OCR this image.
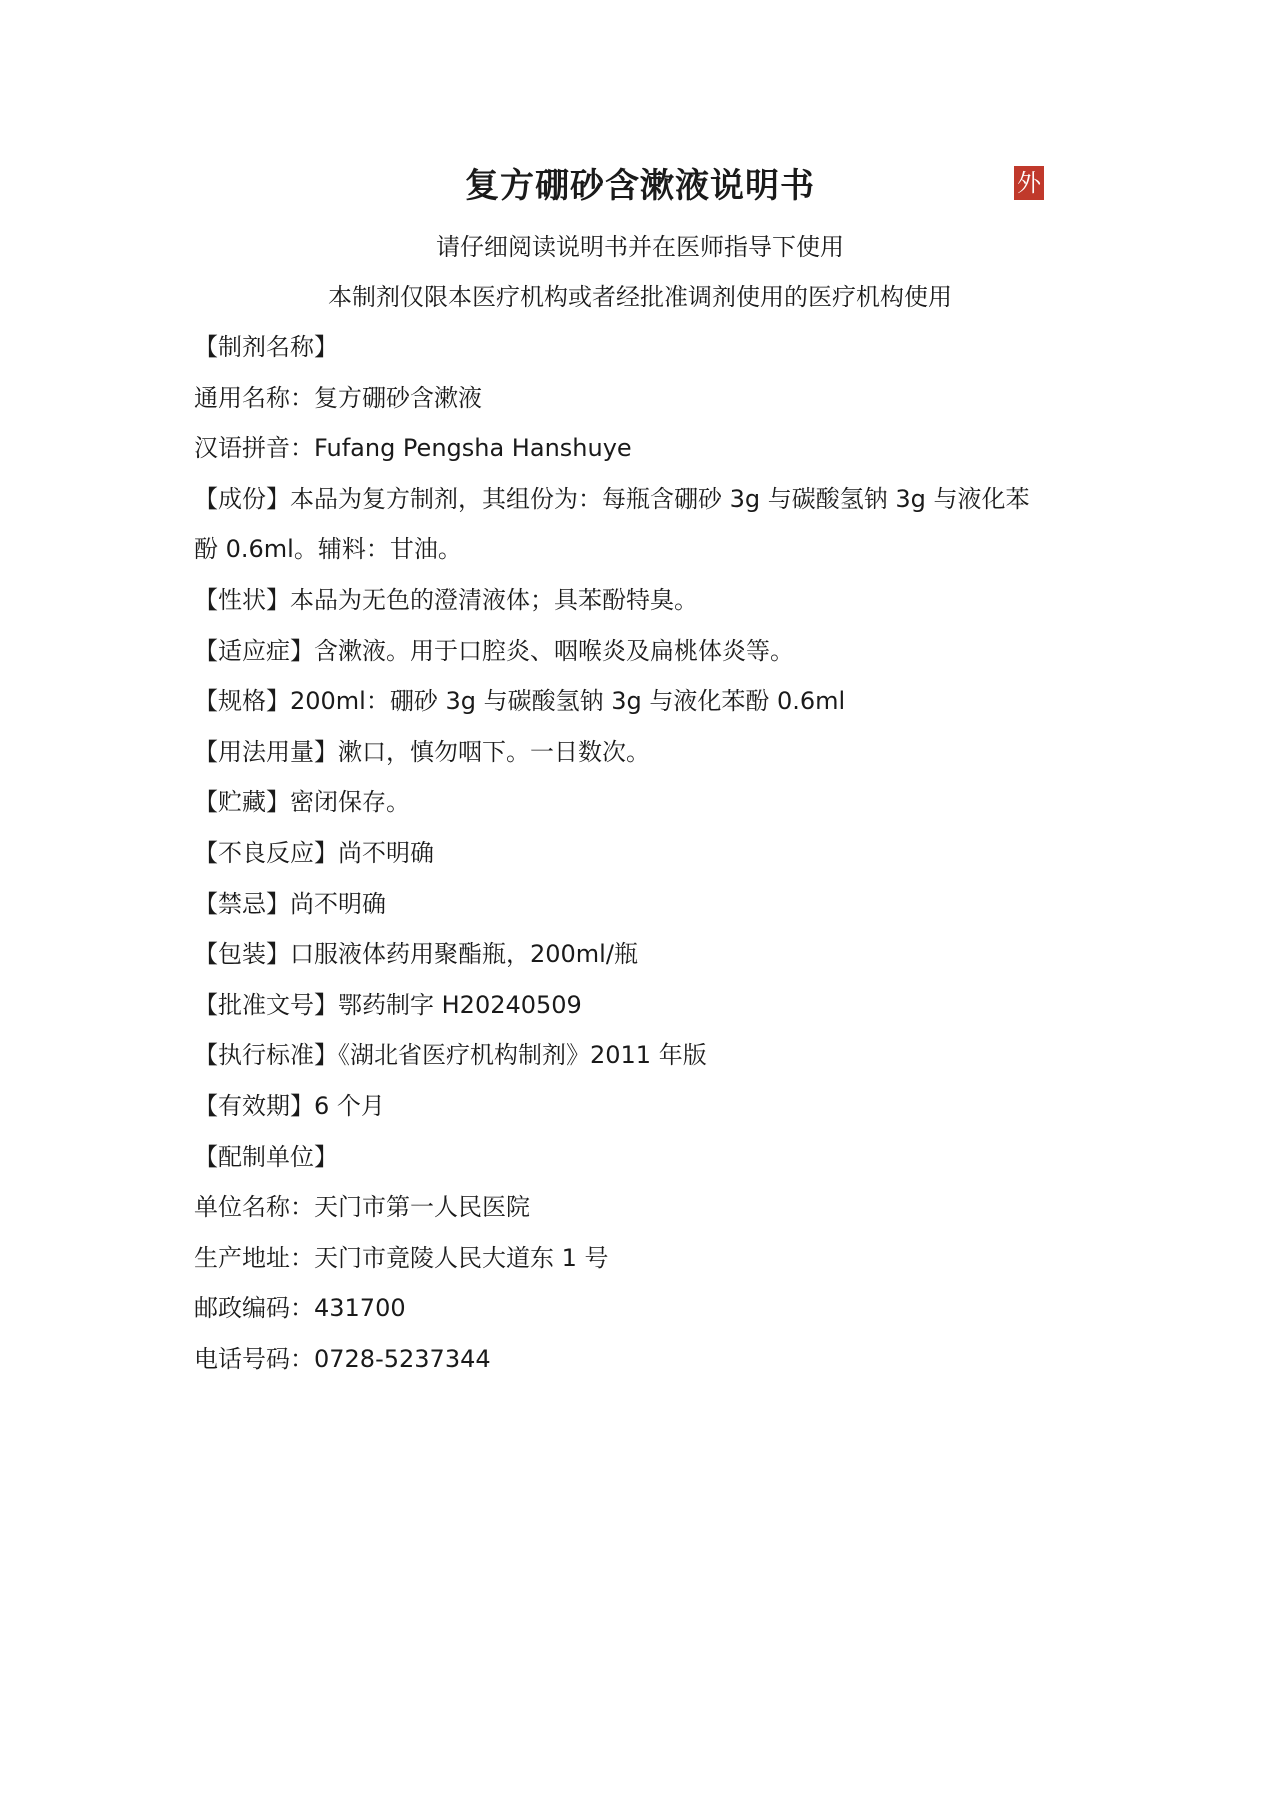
复方硼砂含漱液说明书	外
请仔细阅读说明书并在医师指导下使用
本制剂仅限本医疗机构或者经批准调剂使用的医疗机构使用
【制剂名称】
通用名称：复方硼砂含漱液
汉语拼音：Fufang Pengsha Hanshuye
【成份】本品为复方制剂，其组份为：每瓶含硼砂 3g 与碳酸氢钠 3g 与液化苯
酚 0.6ml。辅料：甘油。
【性状】本品为无色的澄清液体；具苯酚特臭。
【适应症】含漱液。用于口腔炎、咽喉炎及扁桃体炎等。
【规格】200ml：硼砂 3g 与碳酸氢钠 3g 与液化苯酚 0.6ml
【用法用量】漱口，慎勿咽下。一日数次。
【贮藏】密闭保存。
【不良反应】尚不明确
【禁忌】尚不明确
【包装】口服液体药用聚酯瓶，200ml/瓶
【批准文号】鄂药制字 H20240509
【执行标准】《湖北省医疗机构制剂》2011 年版
【有效期】6 个月
【配制单位】
单位名称：天门市第一人民医院
生产地址：天门市竟陵人民大道东 1 号
邮政编码：431700
电话号码：0728-5237344
